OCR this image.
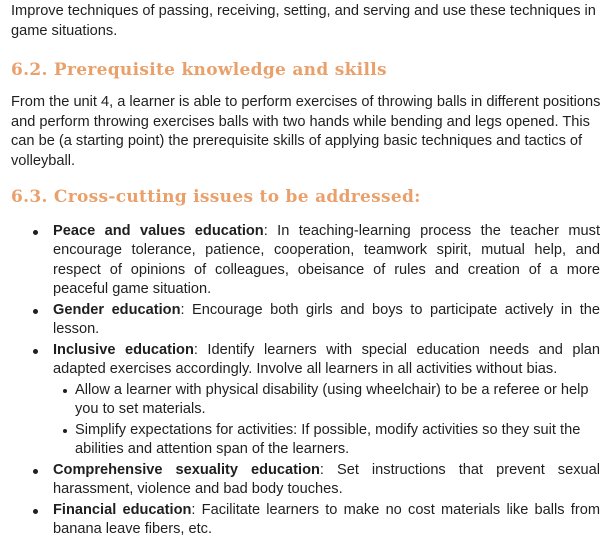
Improve techniques of passing, receiving, setting, and serving and use these techniques in game situations.

6.2. Prerequisite knowledge and skills

From the unit 4, a learner is able to perform exercises of throwing balls in different positions and perform throwing exercises balls with two hands while bending and legs opened. This can be (a starting point) the prerequisite skills of applying basic techniques and tactics of volleyball.

6.3. Cross-cutting issues to be addressed:
Peace and values education: In teaching-learning process the teacher must encourage tolerance, patience, cooperation, teamwork spirit, mutual help, and respect of opinions of colleagues, obeisance of rules and creation of a more peaceful game situation.
Gender education: Encourage both girls and boys to participate actively in the lesson.
Inclusive education: Identify learners with special education needs and plan adapted exercises accordingly. Involve all learners in all activities without bias.
Allow a learner with physical disability (using wheelchair) to be a referee or help you to set materials.
Simplify expectations for activities: If possible, modify activities so they suit the abilities and attention span of the learners.
Comprehensive sexuality education: Set instructions that prevent sexual harassment, violence and bad body touches.
Financial education: Facilitate learners to make no cost materials like balls from banana leave fibers, etc.
